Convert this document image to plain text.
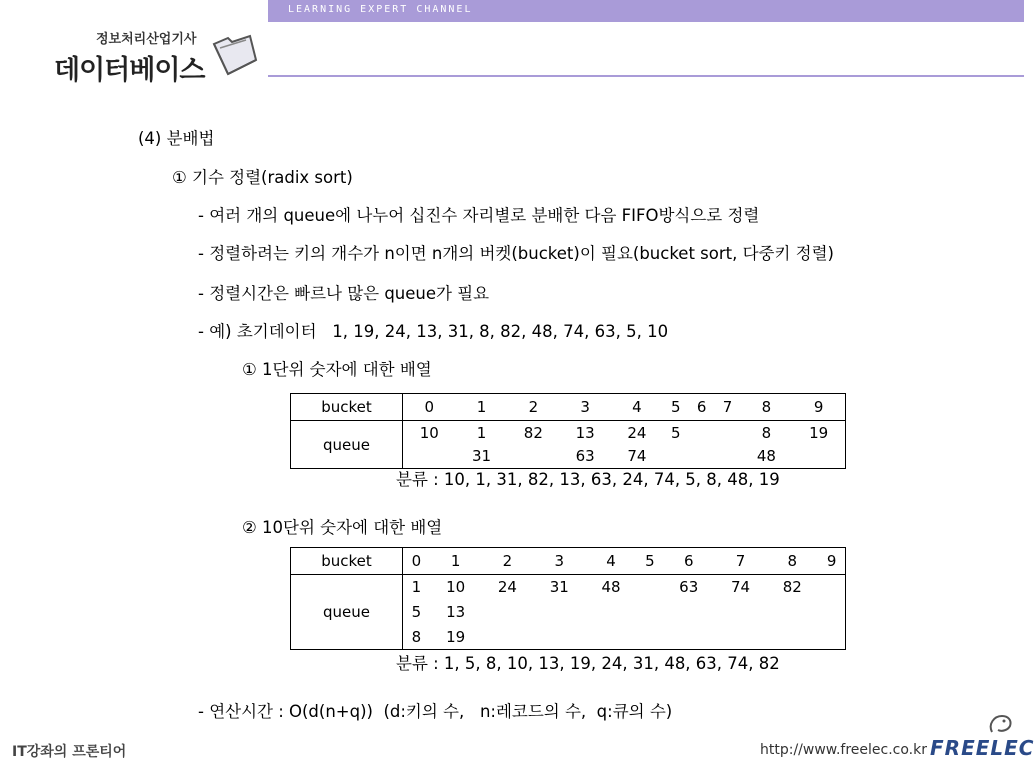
LEARNING EXPERT CHANNEL
정보처리산업기사
데이터베이스
(4) 분배법
① 기수 정렬(radix sort)
- 여러 개의 queue에 나누어 십진수 자리별로 분배한 다음 FIFO방식으로 정렬
- 정렬하려는 키의 개수가 n이면 n개의 버켓(bucket)이 필요(bucket sort, 다중키 정렬)
- 정렬시간은 빠르나 많은 queue가 필요
- 예) 초기데이터   1, 19, 24, 13, 31, 8, 82, 48, 74, 63, 5, 10
① 1단위 숫자에 대한 배열
bucket	0	1	2	3	4	5	6	7	8	9
queue	10	1	82	13	24	5			8	19
		31		63	74				48	
분류 : 10, 1, 31, 82, 13, 63, 24, 74, 5, 8, 48, 19
② 10단위 숫자에 대한 배열
bucket	0	1	2	3	4	5	6	7	8	9
queue	1	10	24	31	48		63	74	82	
	5	13								
	8	19								
분류 : 1, 5, 8, 10, 13, 19, 24, 31, 48, 63, 74, 82
- 연산시간 : O(d(n+q))  (d:키의 수,   n:레코드의 수,  q:큐의 수)
IT강좌의 프론티어	http://www.freelec.co.kr FREELEC
